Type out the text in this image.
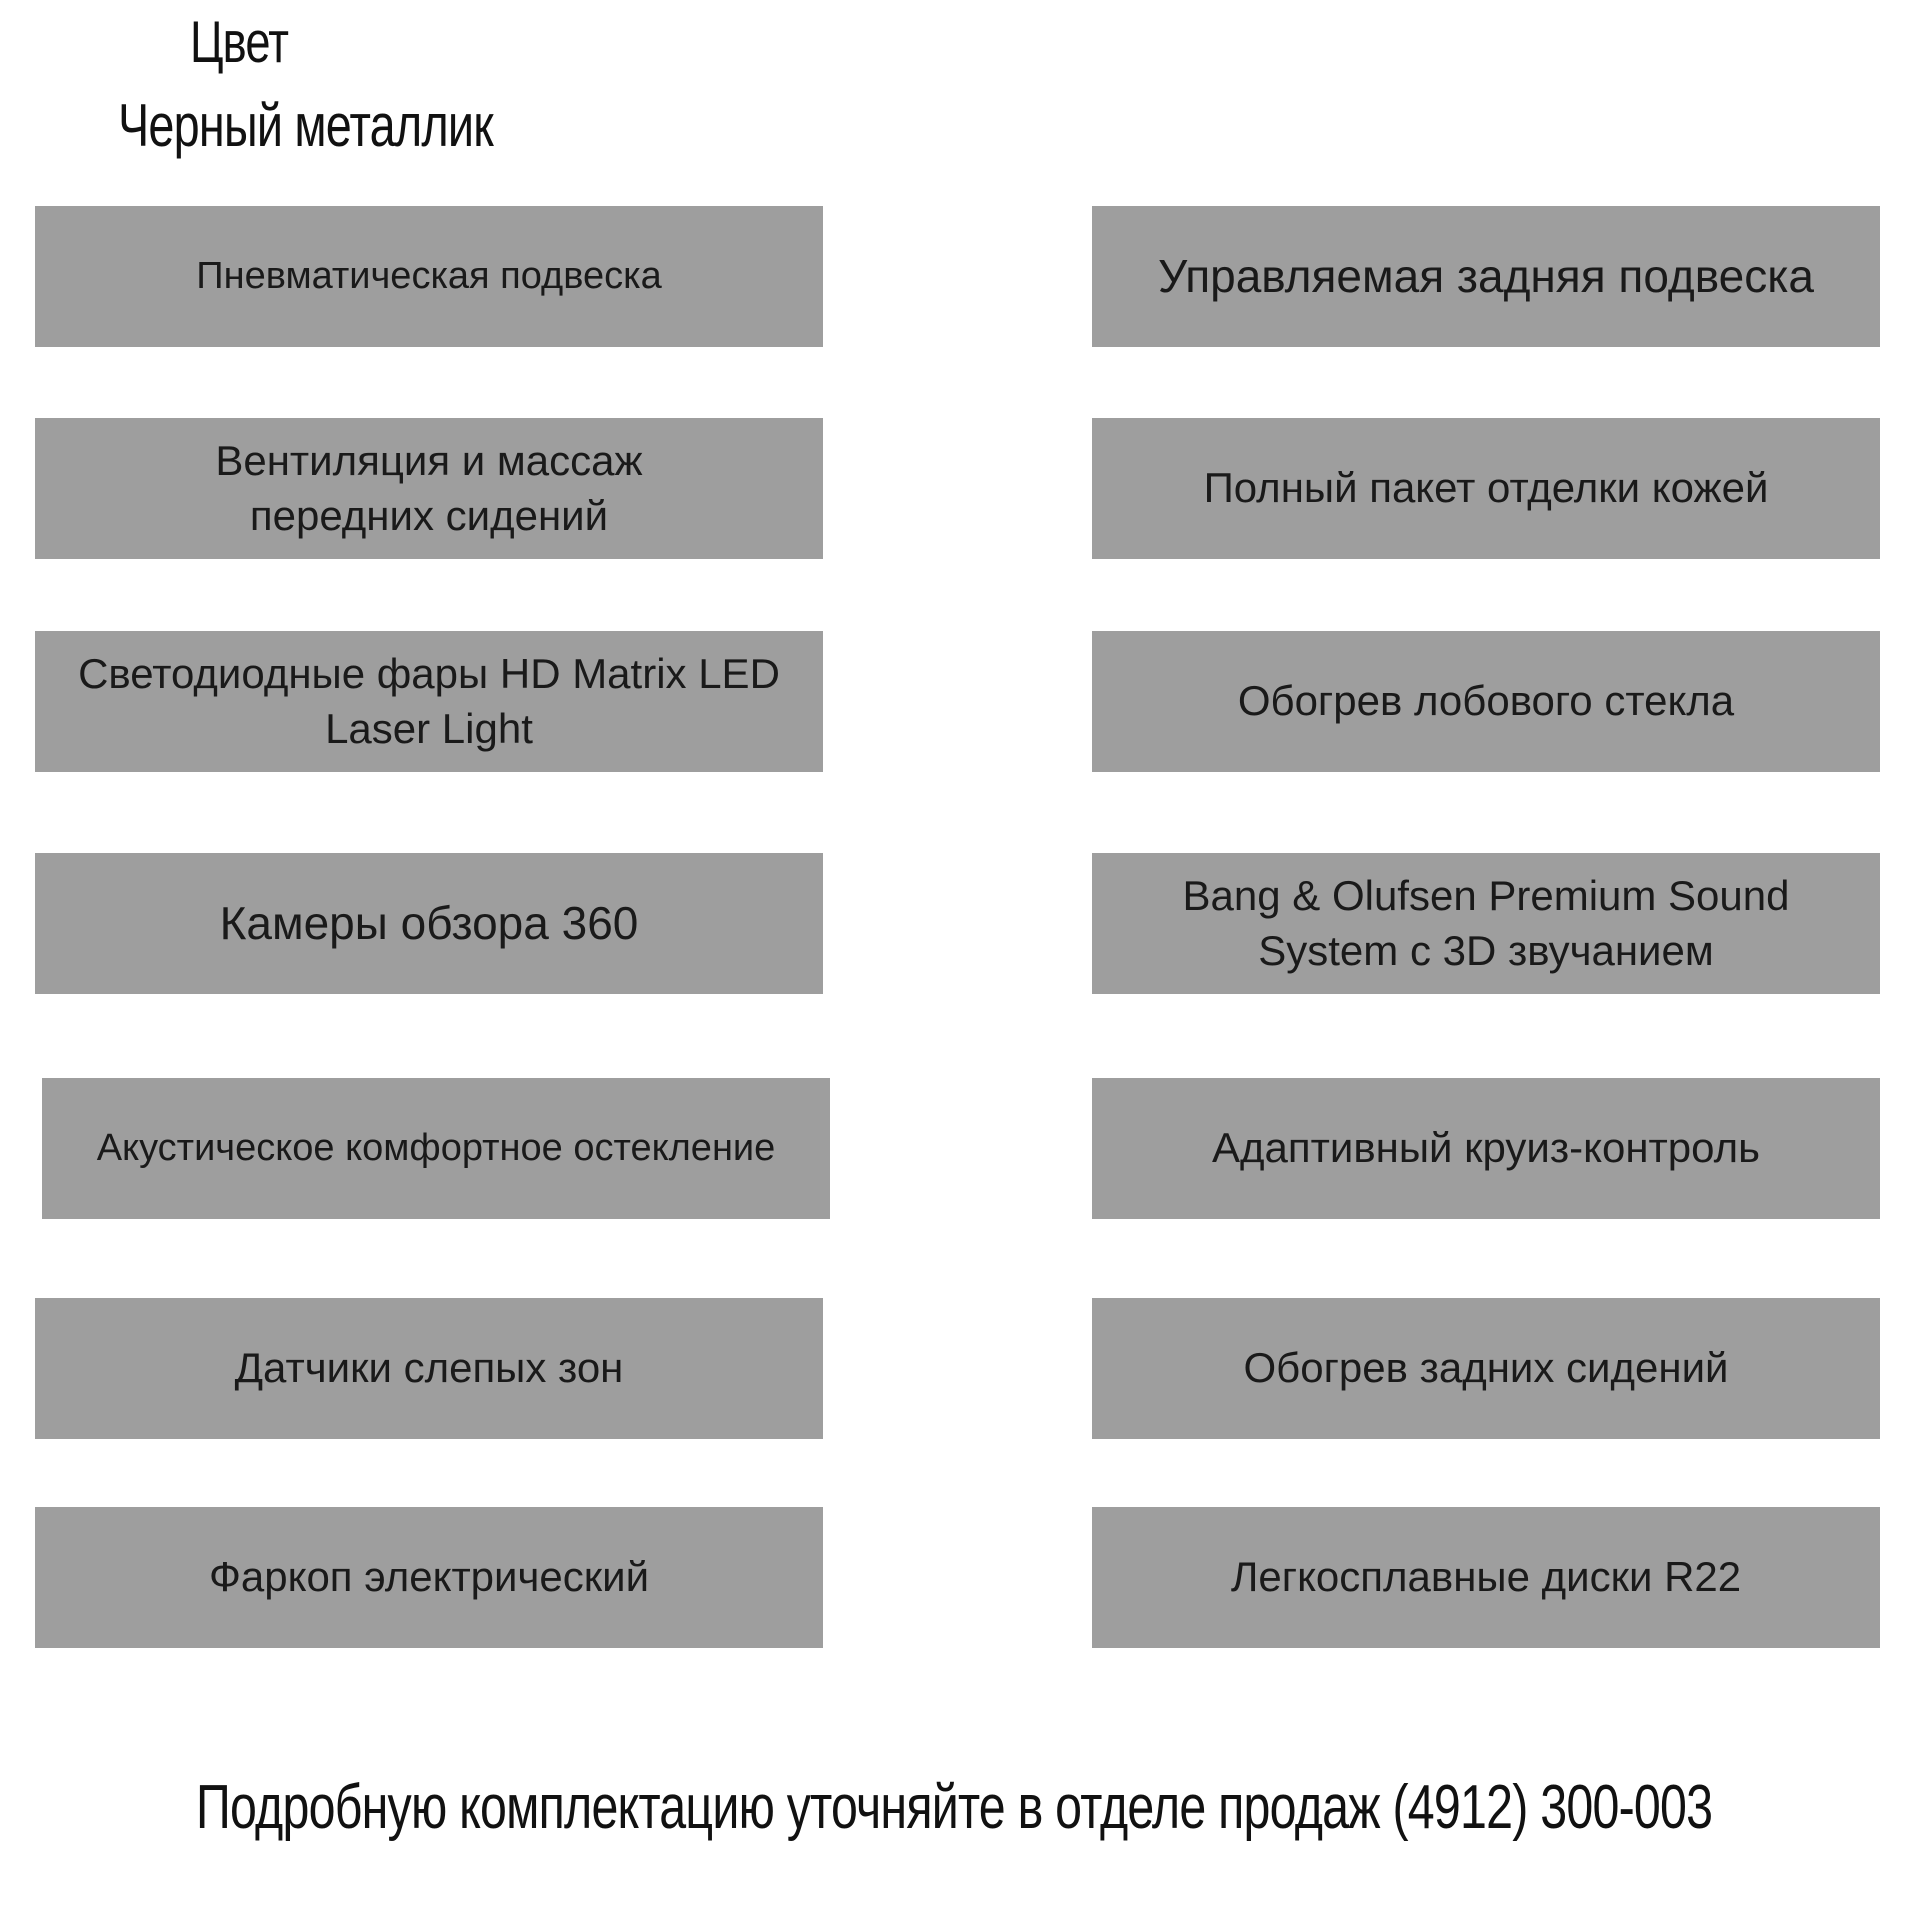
Цвет
Черный металлик
Пневматическая подвеска
Вентиляция и массаж
передних сидений
Светодиодные фары HD Matrix LED
Laser Light
Камеры обзора 360
Акустическое комфортное остекление
Датчики слепых зон
Фаркоп электрический
Управляемая задняя подвеска
Полный пакет отделки кожей
Обогрев лобового стекла
Bang & Olufsen Premium Sound
System с 3D звучанием
Адаптивный круиз-контроль
Обогрев задних сидений
Легкосплавные диски R22
Подробную комплектацию уточняйте в отделе продаж (4912) 300-003
